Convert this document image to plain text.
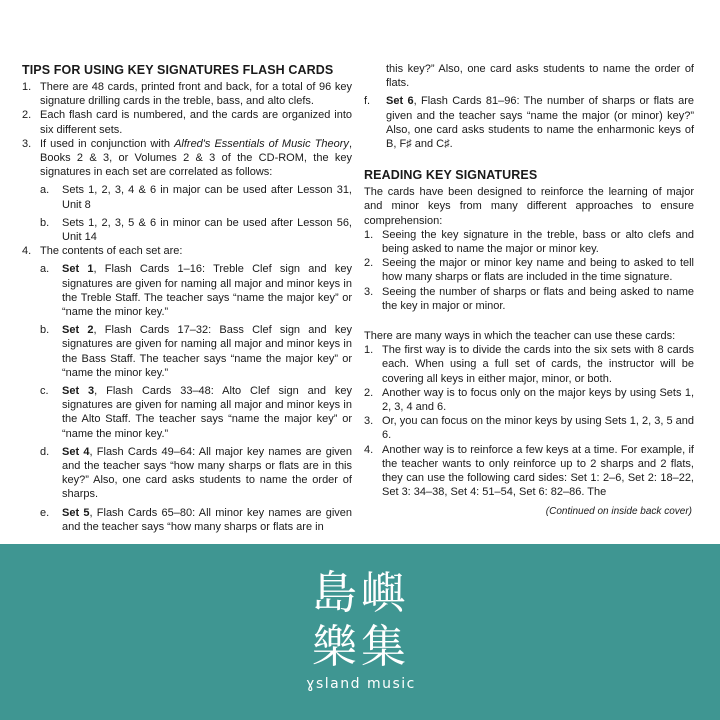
TIPS FOR USING KEY SIGNATURES FLASH CARDS
1. There are 48 cards, printed front and back, for a total of 96 key signature drilling cards in the treble, bass, and alto clefs.
2. Each flash card is numbered, and the cards are organized into six different sets.
3. If used in conjunction with Alfred's Essentials of Music Theory, Books 2 & 3, or Volumes 2 & 3 of the CD-ROM, the key signatures in each set are correlated as follows:
a. Sets 1, 2, 3, 4 & 6 in major can be used after Lesson 31, Unit 8
b. Sets 1, 2, 3, 5 & 6 in minor can be used after Lesson 56, Unit 14
4. The contents of each set are:
a. Set 1, Flash Cards 1–16: Treble Clef sign and key signatures are given for naming all major and minor keys in the Treble Staff. The teacher says “name the major key” or “name the minor key.”
b. Set 2, Flash Cards 17–32: Bass Clef sign and key signatures are given for naming all major and minor keys in the Bass Staff. The teacher says “name the major key” or “name the minor key.”
c. Set 3, Flash Cards 33–48: Alto Clef sign and key signatures are given for naming all major and minor keys in the Alto Staff. The teacher says “name the major key” or “name the minor key.”
d. Set 4, Flash Cards 49–64: All major key names are given and the teacher says “how many sharps or flats are in this key?” Also, one card asks students to name the order of sharps.
e. Set 5, Flash Cards 65–80: All minor key names are given and the teacher says “how many sharps or flats are in
this key?” Also, one card asks students to name the order of flats.
f. Set 6, Flash Cards 81–96: The number of sharps or flats are given and the teacher says “name the major (or minor) key?” Also, one card asks students to name the enharmonic keys of B, F♯ and C♯.
READING KEY SIGNATURES
The cards have been designed to reinforce the learning of major and minor keys from many different approaches to ensure comprehension:
1. Seeing the key signature in the treble, bass or alto clefs and being asked to name the major or minor key.
2. Seeing the major or minor key name and being to asked to tell how many sharps or flats are included in the time signature.
3. Seeing the number of sharps or flats and being asked to name the key in major or minor.
There are many ways in which the teacher can use these cards:
1. The first way is to divide the cards into the six sets with 8 cards each. When using a full set of cards, the instructor will be covering all keys in either major, minor, or both.
2. Another way is to focus only on the major keys by using Sets 1, 2, 3, 4 and 6.
3. Or, you can focus on the minor keys by using Sets 1, 2, 3, 5 and 6.
4. Another way is to reinforce a few keys at a time. For example, if the teacher wants to only reinforce up to 2 sharps and 2 flats, they can use the following card sides: Set 1: 2–6, Set 2: 18–22, Set 3: 34–38, Set 4: 51–54, Set 6: 82–86. The
(Continued on inside back cover)
島嶼
樂集
ɣsland music
